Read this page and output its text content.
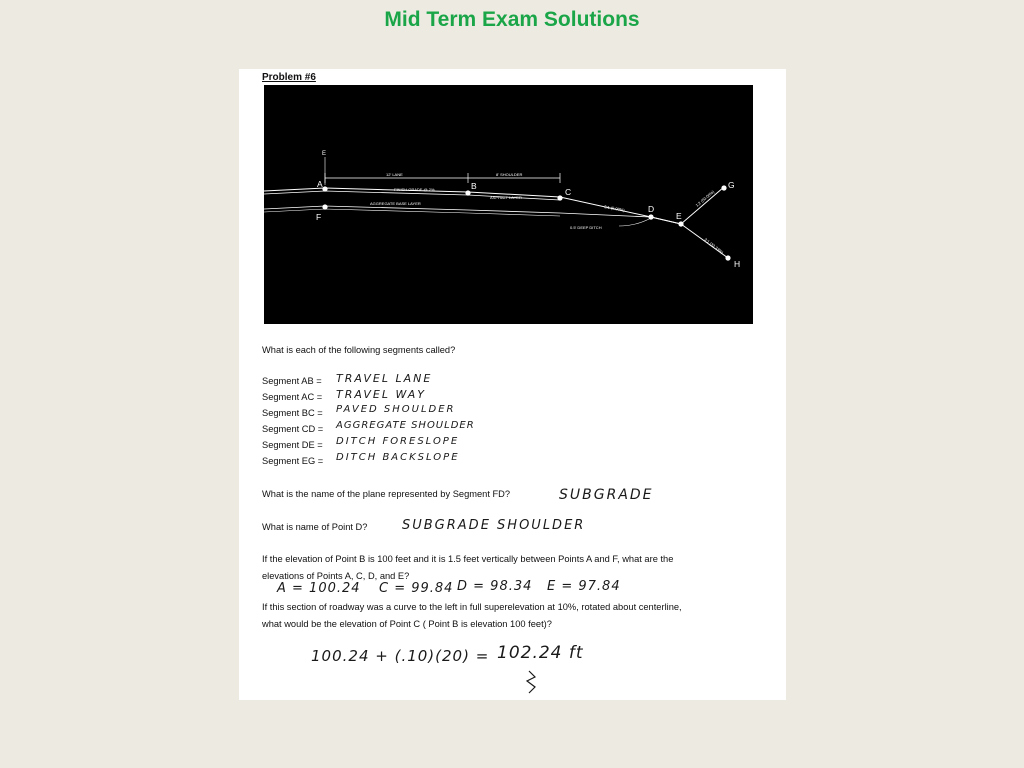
Mid Term Exam Solutions
Problem #6
E
A
F
B
C
D
E
G
H
12' LANE	8' SHOULDER
FINISH GRADE @ 2%
ASPHALT LAYER
AGGREGATE BASE LAYER
3:1 (5.00%)
0.5' DEEP DITCH
1:2 (50.00%)
3:1 (33.33%)
What is each of the following segments called?
Segment AB = TRAVEL LANE
Segment AC = TRAVEL WAY
Segment BC = PAVED SHOULDER
Segment CD = AGGREGATE SHOULDER
Segment DE = DITCH FORESLOPE
Segment EG = DITCH BACKSLOPE
What is the name of the plane represented by Segment FD?	SUBGRADE
What is name of Point D?	SUBGRADE SHOULDER
If the elevation of Point B is 100 feet and it is 1.5 feet vertically between Points A and F, what are the
elevations of Points A, C, D, and E?
A = 100.24 C = 99.84 D = 98.34 E = 97.84
If this section of roadway was a curve to the left in full superelevation at 10%, rotated about centerline,
what would be the elevation of Point C ( Point B is elevation 100 feet)?
100.24 + (.10)(20) = 102.24 ft
